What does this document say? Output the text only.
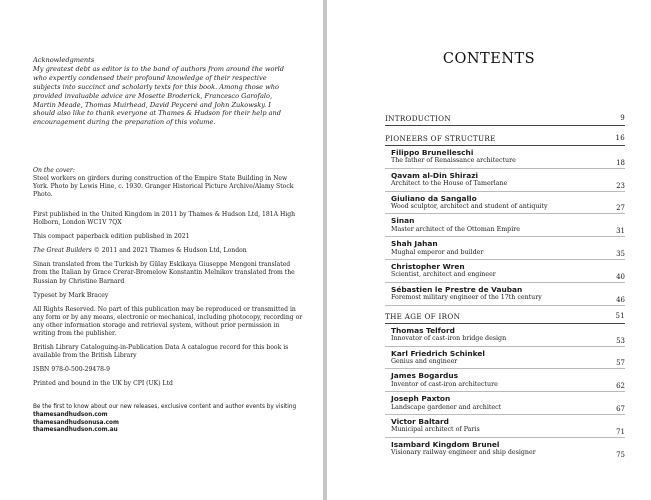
Acknowledgments
My greatest debt as editor is to the band of authors from around the world who expertly condensed their profound knowledge of their respective subjects into succinct and scholarly texts for this book. Among those who provided invaluable advice are Mosette Broderick, Francesco Garofalo, Martin Meade, Thomas Muirhead, David Peyceré and John Zukowsky. I should also like to thank everyone at Thames & Hudson for their help and encouragement during the preparation of this volume.

On the cover:

Steel workers on girders during construction of the Empire State Building in New York. Photo by Lewis Hine, c. 1930. Granger Historical Picture Archive/Alamy Stock Photo.

First published in the United Kingdom in 2011 by Thames & Hudson Ltd, 181A High Holborn, London WC1V 7QX

This compact paperback edition published in 2021

The Great Builders © 2011 and 2021 Thames & Hudson Ltd, London

Sinan translated from the Turkish by Gülay Eskikaya Giuseppe Mengoni translated from the Italian by Grace Crerar-Bromelow Konstantin Melnikov translated from the Russian by Christine Barnard

Typeset by Mark Bracey

All Rights Reserved. No part of this publication may be reproduced or transmitted in any form or by any means, electronic or mechanical, including photocopy, recording or any other information storage and retrieval system, without prior permission in writing from the publisher.

British Library Cataloguing-in-Publication Data A catalogue record for this book is available from the British Library

ISBN 978-0-500-29478-9

Printed and bound in the UK by CPI (UK) Ltd

Be the first to know about our new releases, exclusive content and author events by visiting
thamesandhudson.com
thamesandhudsonusa.com
thamesandhudson.com.au
CONTENTS
INTRODUCTION	9
PIONEERS OF STRUCTURE	16
Filippo Brunelleschi
The father of Renaissance architecture	18
Qavam al-Din Shirazi
Architect to the House of Tamerlane	23
Giuliano da Sangallo
Wood sculptor, architect and student of antiquity	27
Sinan
Master architect of the Ottoman Empire	31
Shah Jahan
Mughal emperor and builder	35
Christopher Wren
Scientist, architect and engineer	40
Sébastien le Prestre de Vauban
Foremost military engineer of the 17th century	46
THE AGE OF IRON	51
Thomas Telford
Innovator of cast-iron bridge design	53
Karl Friedrich Schinkel
Genius and engineer	57
James Bogardus
Inventor of cast-iron architecture	62
Joseph Paxton
Landscape gardener and architect	67
Victor Baltard
Municipal architect of Paris	71
Isambard Kingdom Brunel
Visionary railway engineer and ship designer	75
